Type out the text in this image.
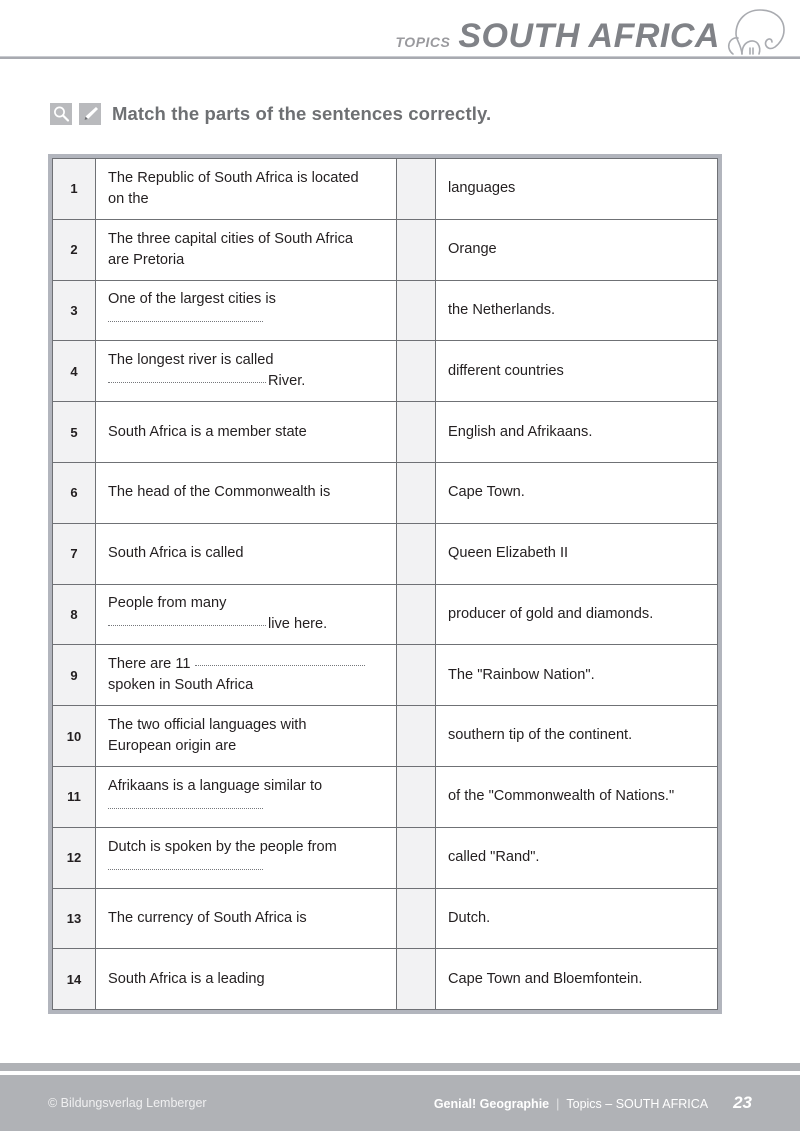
TOPICS SOUTH AFRICA
Match the parts of the sentences correctly.
1	The Republic of South Africa is located
on the		languages
2	The three capital cities of South Africa
are Pretoria		Orange
3	One of the largest cities is		the Netherlands.
4	The longest river is called
River.		different countries
5	South Africa is a member state		English and Afrikaans.
6	The head of the Commonwealth is		Cape Town.
7	South Africa is called		Queen Elizabeth II
8	People from many
live here.		producer of gold and diamonds.
9	There are 11
spoken in South Africa		The "Rainbow Nation".
10	The two official languages with
European origin are		southern tip of the continent.
11	Afrikaans is a language similar to		of the "Commonwealth of Nations."
12	Dutch is spoken by the people from		called "Rand".
13	The currency of South Africa is		Dutch.
14	South Africa is a leading		Cape Town and Bloemfontein.
© Bildungsverlag Lemberger	Genial! Geographie | Topics – SOUTH AFRICA 23
